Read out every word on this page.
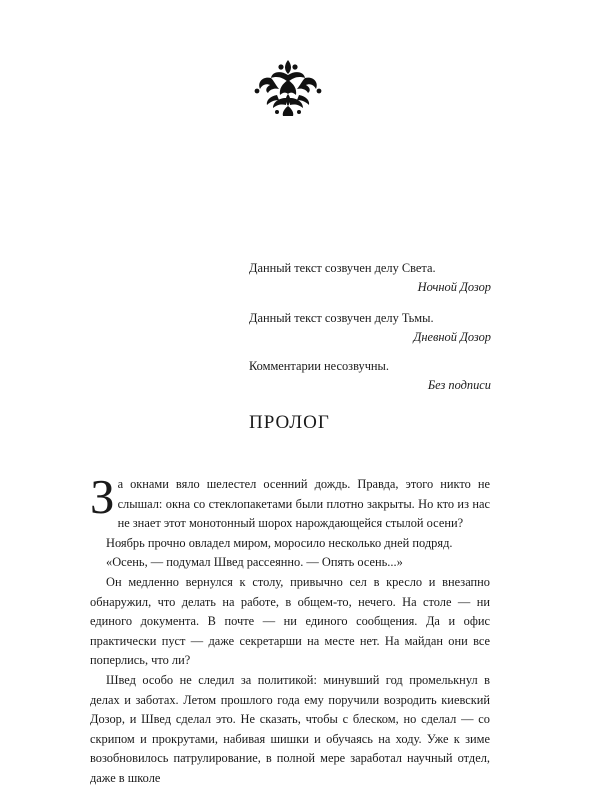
Данный текст созвучен делу Света.
Ночной Дозор
Данный текст созвучен делу Тьмы.
Дневной Дозор
Комментарии несозвучны.
Без подписи
ПРОЛОГ

За окнами вяло шелестел осенний дождь. Правда, этого никто не слышал: окна со стеклопакетами были плотно закрыты. Но кто из нас не знает этот монотонный шорох нарождающейся стылой осени?

Ноябрь прочно овладел миром, моросило несколько дней подряд.

«Осень, — подумал Швед рассеянно. — Опять осень...»

Он медленно вернулся к столу, привычно сел в кресло и внезапно обнаружил, что делать на работе, в общем-то, нечего. На столе — ни единого документа. В почте — ни единого сообщения. Да и офис практически пуст — даже секретарши на месте нет. На майдан они все поперлись, что ли?

Швед особо не следил за политикой: минувший год промелькнул в делах и заботах. Летом прошлого года ему поручили возродить киевский Дозор, и Швед сделал это. Не сказать, чтобы с блеском, но сделал — со скрипом и прокрутами, набивая шишки и обучаясь на ходу. Уже к зиме возобновилось патрулирование, в полной мере заработал научный отдел, даже в школе
